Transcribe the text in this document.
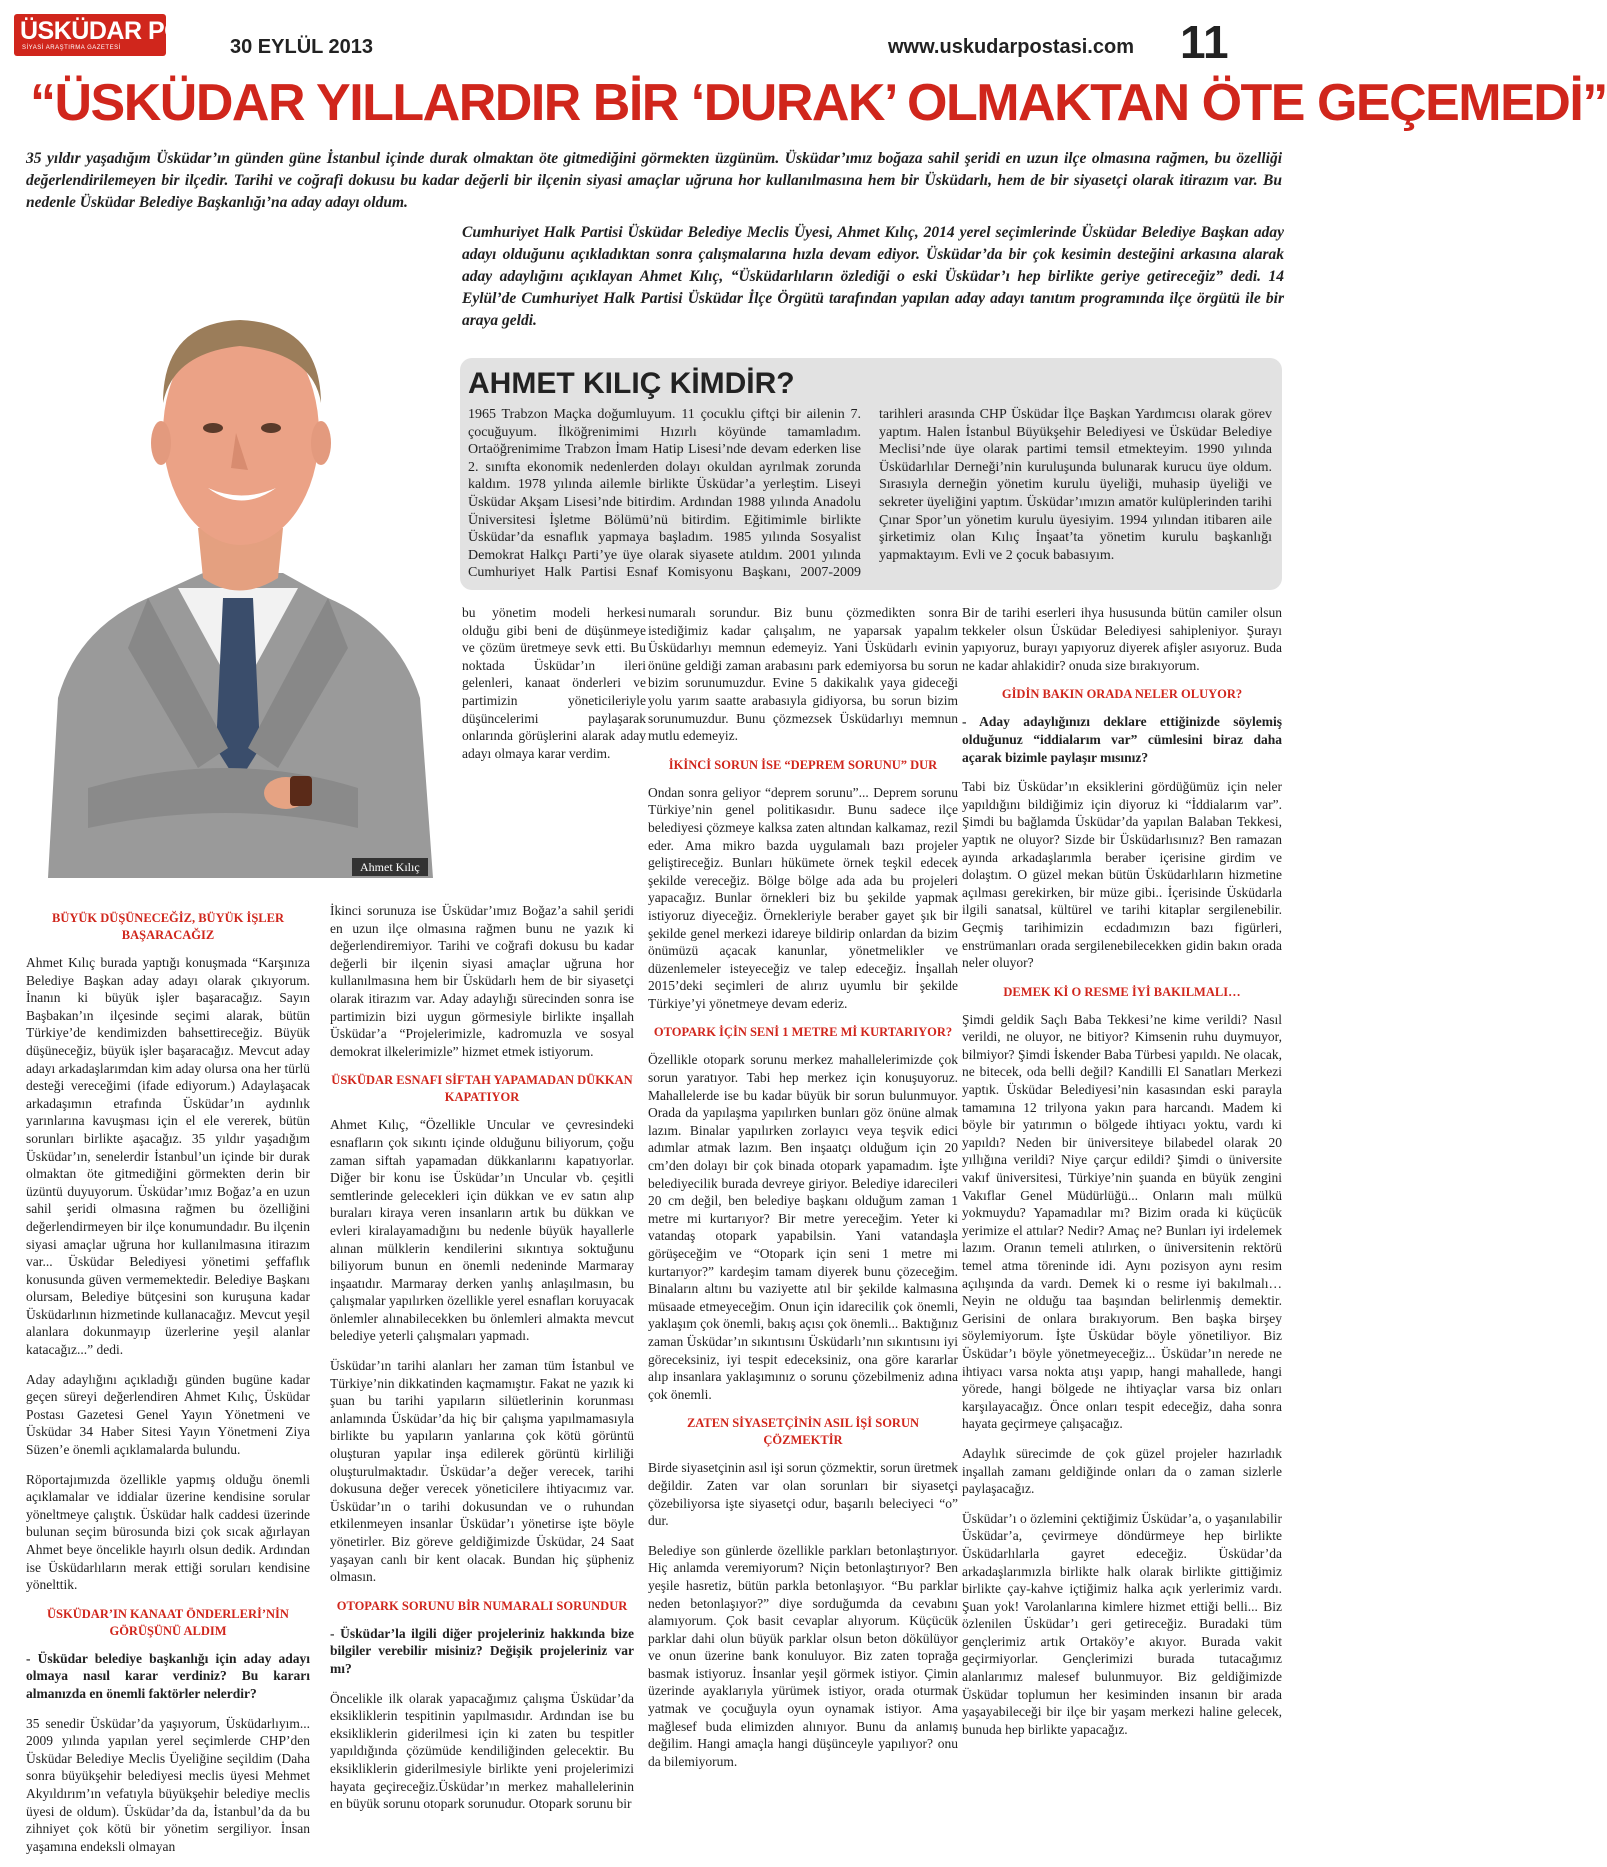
ÜSKÜDAR POSTASI
SİYASİ ARAŞTIRMA GAZETESİ	30 EYLÜL 2013	www.uskudarpostasi.com 11
“ÜSKÜDAR YILLARDIR BİR ‘DURAK’ OLMAKTAN ÖTE GEÇEMEDİ”
35 yıldır yaşadığım Üsküdar’ın günden güne İstanbul içinde durak olmaktan öte gitmediğini görmekten üzgünüm. Üsküdar’ımız boğaza sahil şeridi en uzun ilçe olmasına rağmen, bu özelliği değerlendirilemeyen bir ilçedir. Tarihi ve coğrafi dokusu bu kadar değerli bir ilçenin siyasi amaçlar uğruna hor kullanılmasına hem bir Üsküdarlı, hem de bir siyasetçi olarak itirazım var. Bu nedenle Üsküdar Belediye Başkanlığı’na aday adayı oldum.
Ahmet Kılıç
AHMET KILIÇ KİMDİR?
1965 Trabzon Maçka doğumluyum. 11 çocuklu çiftçi bir ailenin 7. çocuğuyum. İlköğrenimimi Hızırlı köyünde tamamladım. Ortaöğrenimime Trabzon İmam Hatip Lisesi’nde devam ederken lise 2. sınıfta ekonomik nedenlerden dolayı okuldan ayrılmak zorunda kaldım. 1978 yılında ailemle birlikte Üsküdar’a yerleştim. Liseyi Üsküdar Akşam Lisesi’nde bitirdim. Ardından 1988 yılında Anadolu Üniversitesi İşletme Bölümü’nü bitirdim. Eğitimimle birlikte Üsküdar’da esnaflık yapmaya başladım. 1985 yılında Sosyalist Demokrat Halkçı Parti’ye üye olarak siyasete atıldım. 2001 yılında Cumhuriyet Halk Partisi Esnaf Komisyonu Başkanı, 2007-2009 tarihleri arasında CHP Üsküdar İlçe Başkan Yardımcısı olarak görev yaptım. Halen İstanbul Büyükşehir Belediyesi ve Üsküdar Belediye Meclisi’nde üye olarak partimi temsil etmekteyim. 1990 yılında Üsküdarlılar Derneği’nin kuruluşunda bulunarak kurucu üye oldum. Sırasıyla derneğin yönetim kurulu üyeliği, muhasip üyeliği ve sekreter üyeliğini yaptım. Üsküdar’ımızın amatör kulüplerinden tarihi Çınar Spor’un yönetim kurulu üyesiyim. 1994 yılından itibaren aile şirketimiz olan Kılıç İnşaat’ta yönetim kurulu başkanlığı yapmaktayım. Evli ve 2 çocuk babasıyım.
Cumhuriyet Halk Partisi Üsküdar Belediye Meclis Üyesi, Ahmet Kılıç, 2014 yerel seçimlerinde Üsküdar Belediye Başkan aday adayı olduğunu açıkladıktan sonra çalışmalarına hızla devam ediyor. Üsküdar’da bir çok kesimin desteğini arkasına alarak aday adaylığını açıklayan Ahmet Kılıç, “Üsküdarlıların özlediği o eski Üsküdar’ı hep birlikte geriye getireceğiz” dedi. 14 Eylül’de Cumhuriyet Halk Partisi Üsküdar İlçe Örgütü tarafından yapılan aday adayı tanıtım programında ilçe örgütü ile bir araya geldi.
BÜYÜK DÜŞÜNECEĞİZ, BÜYÜK İŞLER BAŞARACAĞIZ

Ahmet Kılıç burada yaptığı konuşmada “Karşınıza Belediye Başkan aday adayı olarak çıkıyorum. İnanın ki büyük işler başaracağız. Sayın Başbakan’ın ilçesinde seçimi alarak, bütün Türkiye’de kendimizden bahsettireceğiz. Büyük düşüneceğiz, büyük işler başaracağız. Mevcut aday adayı arkadaşlarımdan kim aday olursa ona her türlü desteği vereceğimi (ifade ediyorum.) Adaylaşacak arkadaşımın etrafında Üsküdar’ın aydınlık yarınlarına kavuşması için el ele vererek, bütün sorunları birlikte aşacağız. 35 yıldır yaşadığım Üsküdar’ın, senelerdir İstanbul’un içinde bir durak olmaktan öte gitmediğini görmekten derin bir üzüntü duyuyorum. Üsküdar’ımız Boğaz’a en uzun sahil şeridi olmasına rağmen bu özelliğini değerlendirmeyen bir ilçe konumundadır. Bu ilçenin siyasi amaçlar uğruna hor kullanılmasına itirazım var... Üsküdar Belediyesi yönetimi şeffaflık konusunda güven vermemektedir. Belediye Başkanı olursam, Belediye bütçesini son kuruşuna kadar Üsküdarlının hizmetinde kullanacağız. Mevcut yeşil alanlara dokunmayıp üzerlerine yeşil alanlar katacağız...” dedi.

Aday adaylığını açıkladığı günden bugüne kadar geçen süreyi değerlendiren Ahmet Kılıç, Üsküdar Postası Gazetesi Genel Yayın Yönetmeni ve Üsküdar 34 Haber Sitesi Yayın Yönetmeni Ziya Süzen’e önemli açıklamalarda bulundu.

Röportajımızda özellikle yapmış olduğu önemli açıklamalar ve iddialar üzerine kendisine sorular yöneltmeye çalıştık. Üsküdar halk caddesi üzerinde bulunan seçim bürosunda bizi çok sıcak ağırlayan Ahmet beye öncelikle hayırlı olsun dedik. Ardından ise Üsküdarlıların merak ettiği soruları kendisine yönelttik.

ÜSKÜDAR’IN KANAAT ÖNDERLERİ’NİN GÖRÜŞÜNÜ ALDIM
- Üsküdar belediye başkanlığı için aday adayı olmaya nasıl karar verdiniz? Bu kararı almanızda en önemli faktörler nelerdir?

35 senedir Üsküdar’da yaşıyorum, Üsküdarlıyım... 2009 yılında yapılan yerel seçimlerde CHP’den Üsküdar Belediye Meclis Üyeliğine seçildim (Daha sonra büyükşehir belediyesi meclis üyesi Mehmet Akyıldırım’ın vefatıyla büyükşehir belediye meclis üyesi de oldum). Üsküdar’da da, İstanbul’da da bu zihniyet çok kötü bir yönetim sergiliyor. İnsan yaşamına endeksli olmayan

bu yönetim modeli herkesi olduğu gibi beni de düşünmeye ve çözüm üretmeye sevk etti. Bu noktada Üsküdar’ın ileri gelenleri, kanaat önderleri ve partimizin yöneticileriyle düşüncelerimi paylaşarak onlarında görüşlerini alarak aday adayı olmaya karar verdim.

İkinci sorunuza ise Üsküdar’ımız Boğaz’a sahil şeridi en uzun ilçe olmasına rağmen bunu ne yazık ki değerlendiremiyor. Tarihi ve coğrafi dokusu bu kadar değerli bir ilçenin siyasi amaçlar uğruna hor kullanılmasına hem bir Üsküdarlı hem de bir siyasetçi olarak itirazım var. Aday adaylığı sürecinden sonra ise partimizin bizi uygun görmesiyle birlikte inşallah Üsküdar’a “Projelerimizle, kadromuzla ve sosyal demokrat ilkelerimizle” hizmet etmek istiyorum.

ÜSKÜDAR ESNAFI SİFTAH YAPAMADAN DÜKKAN KAPATIYOR

Ahmet Kılıç, “Özellikle Uncular ve çevresindeki esnafların çok sıkıntı içinde olduğunu biliyorum, çoğu zaman siftah yapamadan dükkanlarını kapatıyorlar. Diğer bir konu ise Üsküdar’ın Uncular vb. çeşitli semtlerinde gelecekleri için dükkan ve ev satın alıp buraları kiraya veren insanların artık bu dükkan ve evleri kiralayamadığını bu nedenle büyük hayallerle alınan mülklerin kendilerini sıkıntıya soktuğunu biliyorum bunun en önemli nedeninde Marmaray inşaatıdır. Marmaray derken yanlış anlaşılmasın, bu çalışmalar yapılırken özellikle yerel esnafları koruyacak önlemler alınabilecekken bu önlemleri almakta mevcut belediye yeterli çalışmaları yapmadı.

Üsküdar’ın tarihi alanları her zaman tüm İstanbul ve Türkiye’nin dikkatinden kaçmamıştır. Fakat ne yazık ki şuan bu tarihi yapıların silüetlerinin korunması anlamında Üsküdar’da hiç bir çalışma yapılmamasıyla birlikte bu yapıların yanlarına çok kötü görüntü oluşturan yapılar inşa edilerek görüntü kirliliği oluşturulmaktadır. Üsküdar’a değer verecek, tarihi dokusuna değer verecek yöneticilere ihtiyacımız var. Üsküdar’ın o tarihi dokusundan ve o ruhundan etkilenmeyen insanlar Üsküdar’ı yönetirse işte böyle yönetirler. Biz göreve geldiğimizde Üsküdar, 24 Saat yaşayan canlı bir kent olacak. Bundan hiç şüpheniz olmasın.

OTOPARK SORUNU BİR NUMARALI SORUNDUR
- Üsküdar’la ilgili diğer projeleriniz hakkında bize bilgiler verebilir misiniz? Değişik projeleriniz var mı?

Öncelikle ilk olarak yapacağımız çalışma Üsküdar’da eksikliklerin tespitinin yapılmasıdır. Ardından ise bu eksikliklerin giderilmesi için ki zaten bu tespitler yapıldığında çözümüde kendiliğinden gelecektir. Bu eksikliklerin giderilmesiyle birlikte yeni projelerimizi hayata geçireceğiz.Üsküdar’ın merkez mahallelerinin en büyük sorunu otopark sorunudur. Otopark sorunu bir

numaralı sorundur. Biz bunu çözmedikten sonra istediğimiz kadar çalışalım, ne yaparsak yapalım Üsküdarlıyı memnun edemeyiz. Yani Üsküdarlı evinin önüne geldiği zaman arabasını park edemiyorsa bu sorun bizim sorunumuzdur. Evine 5 dakikalık yaya gideceği yolu yarım saatte arabasıyla gidiyorsa, bu sorun bizim sorunumuzdur. Bunu çözmezsek Üsküdarlıyı memnun mutlu edemeyiz.

İKİNCİ SORUN İSE “DEPREM SORUNU” DUR

Ondan sonra geliyor “deprem sorunu”... Deprem sorunu Türkiye’nin genel politikasıdır. Bunu sadece ilçe belediyesi çözmeye kalksa zaten altından kalkamaz, rezil eder. Ama mikro bazda uygulamalı bazı projeler geliştireceğiz. Bunları hükümete örnek teşkil edecek şekilde vereceğiz. Bölge bölge ada ada bu projeleri yapacağız. Bunlar örnekleri biz bu şekilde yapmak istiyoruz diyeceğiz. Örnekleriyle beraber gayet şık bir şekilde genel merkezi idareye bildirip onlardan da bizim önümüzü açacak kanunlar, yönetmelikler ve düzenlemeler isteyeceğiz ve talep edeceğiz. İnşallah 2015’deki seçimleri de alırız uyumlu bir şekilde Türkiye’yi yönetmeye devam ederiz.

OTOPARK İÇİN SENİ 1 METRE Mİ KURTARIYOR?

Özellikle otopark sorunu merkez mahallelerimizde çok sorun yaratıyor. Tabi hep merkez için konuşuyoruz. Mahallelerde ise bu kadar büyük bir sorun bulunmuyor. Orada da yapılaşma yapılırken bunları göz önüne almak lazım. Binalar yapılırken zorlayıcı veya teşvik edici adımlar atmak lazım. Ben inşaatçı olduğum için 20 cm’den dolayı bir çok binada otopark yapamadım. İşte belediyecilik burada devreye giriyor. Belediye idarecileri 20 cm değil, ben belediye başkanı olduğum zaman 1 metre mi kurtarıyor? Bir metre yereceğim. Yeter ki vatandaş otopark yapabilsin. Yani vatandaşla görüşeceğim ve “Otopark için seni 1 metre mi kurtarıyor?” kardeşim tamam diyerek bunu çözeceğim. Binaların altını bu vaziyette atıl bir şekilde kalmasına müsaade etmeyeceğim. Onun için idarecilik çok önemli, yaklaşım çok önemli, bakış açısı çok önemli... Baktığınız zaman Üsküdar’ın sıkıntısını Üsküdarlı’nın sıkıntısını iyi göreceksiniz, iyi tespit edeceksiniz, ona göre kararlar alıp insanlara yaklaşımınız o sorunu çözebilmeniz adına çok önemli.

ZATEN SİYASETÇİNİN ASIL İŞİ SORUN ÇÖZMEKTİR

Birde siyasetçinin asıl işi sorun çözmektir, sorun üretmek değildir. Zaten var olan sorunları bir siyasetçi çözebiliyorsa işte siyasetçi odur, başarılı beleciyeci “o” dur.

Belediye son günlerde özellikle parkları betonlaştırıyor. Hiç anlamda veremiyorum? Niçin betonlaştırıyor? Ben yeşile hasretiz, bütün parkla betonlaşıyor. “Bu parklar neden betonlaşıyor?” diye sorduğumda da cevabını alamıyorum. Çok basit cevaplar alıyorum. Küçücük parklar dahi olun büyük parklar olsun beton dökülüyor ve onun üzerine bank konuluyor. Biz zaten toprağa basmak istiyoruz. İnsanlar yeşil görmek istiyor. Çimin üzerinde ayaklarıyla yürümek istiyor, orada oturmak yatmak ve çocuğuyla oyun oynamak istiyor. Ama mağlesef buda elimizden alınıyor. Bunu da anlamış değilim. Hangi amaçla hangi düşünceyle yapılıyor? onu da bilemiyorum.

Bir de tarihi eserleri ihya hususunda bütün camiler olsun tekkeler olsun Üsküdar Belediyesi sahipleniyor. Şurayı yapıyoruz, burayı yapıyoruz diyerek afişler asıyoruz. Buda ne kadar ahlakidir? onuda size bırakıyorum.

GİDİN BAKIN ORADA NELER OLUYOR?
- Aday adaylığınızı deklare ettiğinizde söylemiş olduğunuz “iddialarım var” cümlesini biraz daha açarak bizimle paylaşır mısınız?

Tabi biz Üsküdar’ın eksiklerini gördüğümüz için neler yapıldığını bildiğimiz için diyoruz ki “İddialarım var”. Şimdi bu bağlamda Üsküdar’da yapılan Balaban Tekkesi, yaptık ne oluyor? Sizde bir Üsküdarlısınız? Ben ramazan ayında arkadaşlarımla beraber içerisine girdim ve dolaştım. O güzel mekan bütün Üsküdarlıların hizmetine açılması gerekirken, bir müze gibi.. İçerisinde Üsküdarla ilgili sanatsal, kültürel ve tarihi kitaplar sergilenebilir. Geçmiş tarihimizin ecdadımızın bazı figürleri, enstrümanları orada sergilenebilecekken gidin bakın orada neler oluyor?

DEMEK Kİ O RESME İYİ BAKILMALI…

Şimdi geldik Saçlı Baba Tekkesi’ne kime verildi? Nasıl verildi, ne oluyor, ne bitiyor? Kimsenin ruhu duymuyor, bilmiyor? Şimdi İskender Baba Türbesi yapıldı. Ne olacak, ne bitecek, oda belli değil? Kandilli El Sanatları Merkezi yaptık. Üsküdar Belediyesi’nin kasasından eski parayla tamamına 12 trilyona yakın para harcandı. Madem ki böyle bir yatırımın o bölgede ihtiyacı yoktu, vardı ki yapıldı? Neden bir üniversiteye bilabedel olarak 20 yıllığına verildi? Niye çarçur edildi? Şimdi o üniversite vakıf üniversitesi, Türkiye’nin şuanda en büyük zengini Vakıflar Genel Müdürlüğü... Onların malı mülkü yokmuydu? Yapamadılar mı? Bizim orada ki küçücük yerimize el attılar? Nedir? Amaç ne? Bunları iyi irdelemek lazım. Oranın temeli atılırken, o üniversitenin rektörü temel atma töreninde idi. Aynı pozisyon aynı resim açılışında da vardı. Demek ki o resme iyi bakılmalı… Neyin ne olduğu taa başından belirlenmiş demektir. Gerisini de onlara bırakıyorum. Ben başka birşey söylemiyorum. İşte Üsküdar böyle yönetiliyor. Biz Üsküdar’ı böyle yönetmeyeceğiz... Üsküdar’ın nerede ne ihtiyacı varsa nokta atışı yapıp, hangi mahallede, hangi yörede, hangi bölgede ne ihtiyaçlar varsa biz onları karşılayacağız. Önce onları tespit edeceğiz, daha sonra hayata geçirmeye çalışacağız.

Adaylık sürecimde de çok güzel projeler hazırladık inşallah zamanı geldiğinde onları da o zaman sizlerle paylaşacağız.

Üsküdar’ı o özlemini çektiğimiz Üsküdar’a, o yaşanılabilir Üsküdar’a, çevirmeye döndürmeye hep birlikte Üsküdarlılarla gayret edeceğiz. Üsküdar’da arkadaşlarımızla birlikte halk olarak birlikte gittiğimiz birlikte çay-kahve içtiğimiz halka açık yerlerimiz vardı. Şuan yok! Varolanlarına kimlere hizmet ettiği belli... Biz özlenilen Üsküdar’ı geri getireceğiz. Buradaki tüm gençlerimiz artık Ortaköy’e akıyor. Burada vakit geçirmiyorlar. Gençlerimizi burada tutacağımız alanlarımız malesef bulunmuyor. Biz geldiğimizde Üsküdar toplumun her kesiminden insanın bir arada yaşayabileceği bir ilçe bir yaşam merkezi haline gelecek, bunuda hep birlikte yapacağız.
